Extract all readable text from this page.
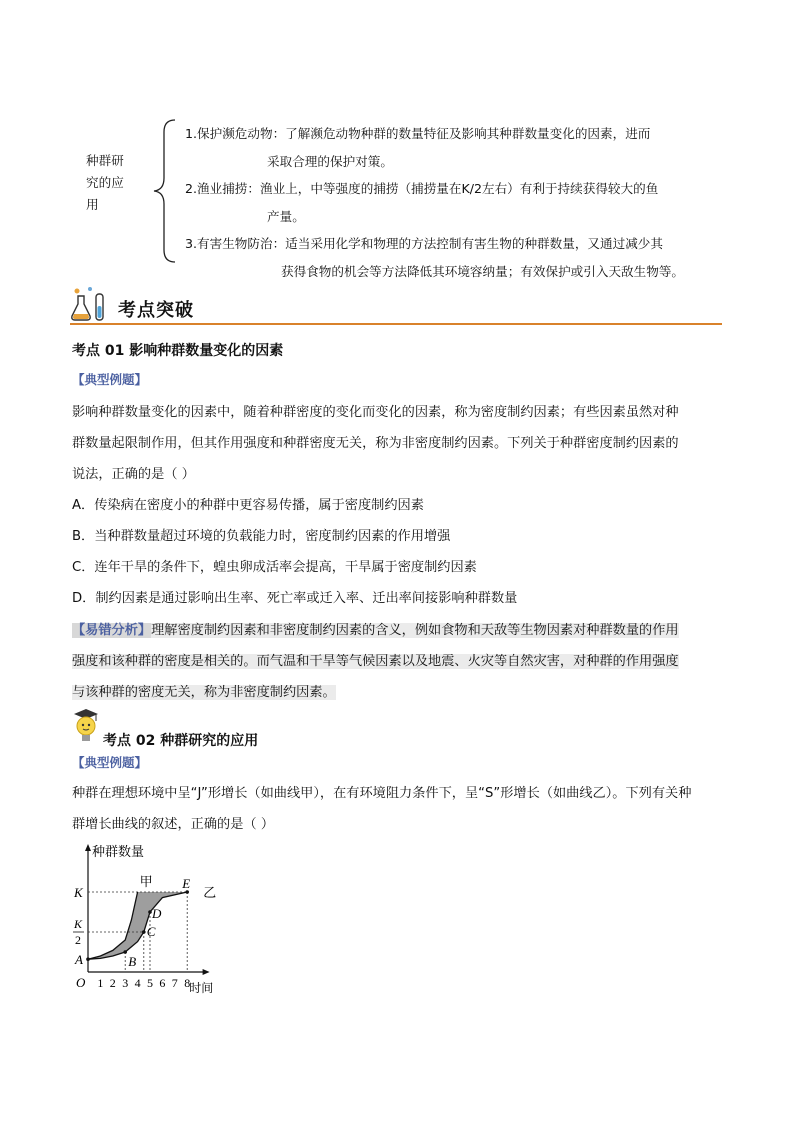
种群研
究的应
用
1.保护濒危动物：了解濒危动物种群的数量特征及影响其种群数量变化的因素，进而
采取合理的保护对策。
2.渔业捕捞：渔业上，中等强度的捕捞（捕捞量在K/2左右）有利于持续获得较大的鱼
产量。
3.有害生物防治：适当采用化学和物理的方法控制有害生物的种群数量，又通过减少其
获得食物的机会等方法降低其环境容纳量；有效保护或引入天敌生物等。
考点突破
考点 01 影响种群数量变化的因素
【典型例题】
影响种群数量变化的因素中，随着种群密度的变化而变化的因素，称为密度制约因素；有些因素虽然对种
群数量起限制作用，但其作用强度和种群密度无关，称为非密度制约因素。下列关于种群密度制约因素的
说法，正确的是（ ）
A．传染病在密度小的种群中更容易传播，属于密度制约因素
B．当种群数量超过环境的负载能力时，密度制约因素的作用增强
C．连年干旱的条件下，蝗虫卵成活率会提高，干旱属于密度制约因素
D．制约因素是通过影响出生率、死亡率或迁入率、迁出率间接影响种群数量
【易错分析】理解密度制约因素和非密度制约因素的含义，例如食物和天敌等生物因素对种群数量的作用
强度和该种群的密度是相关的。而气温和干旱等气候因素以及地震、火灾等自然灾害，对种群的作用强度
与该种群的密度无关，称为非密度制约因素。
考点 02 种群研究的应用
【典型例题】
种群在理想环境中呈“J”形增长（如曲线甲），在有环境阻力条件下，呈“S”形增长（如曲线乙）。下列有关种
群增长曲线的叙述，正确的是（ ）
A	B
C
D
E
甲
乙
种群数量
时间
O 1 2 3 4 5 6 7 8
K
K
2
